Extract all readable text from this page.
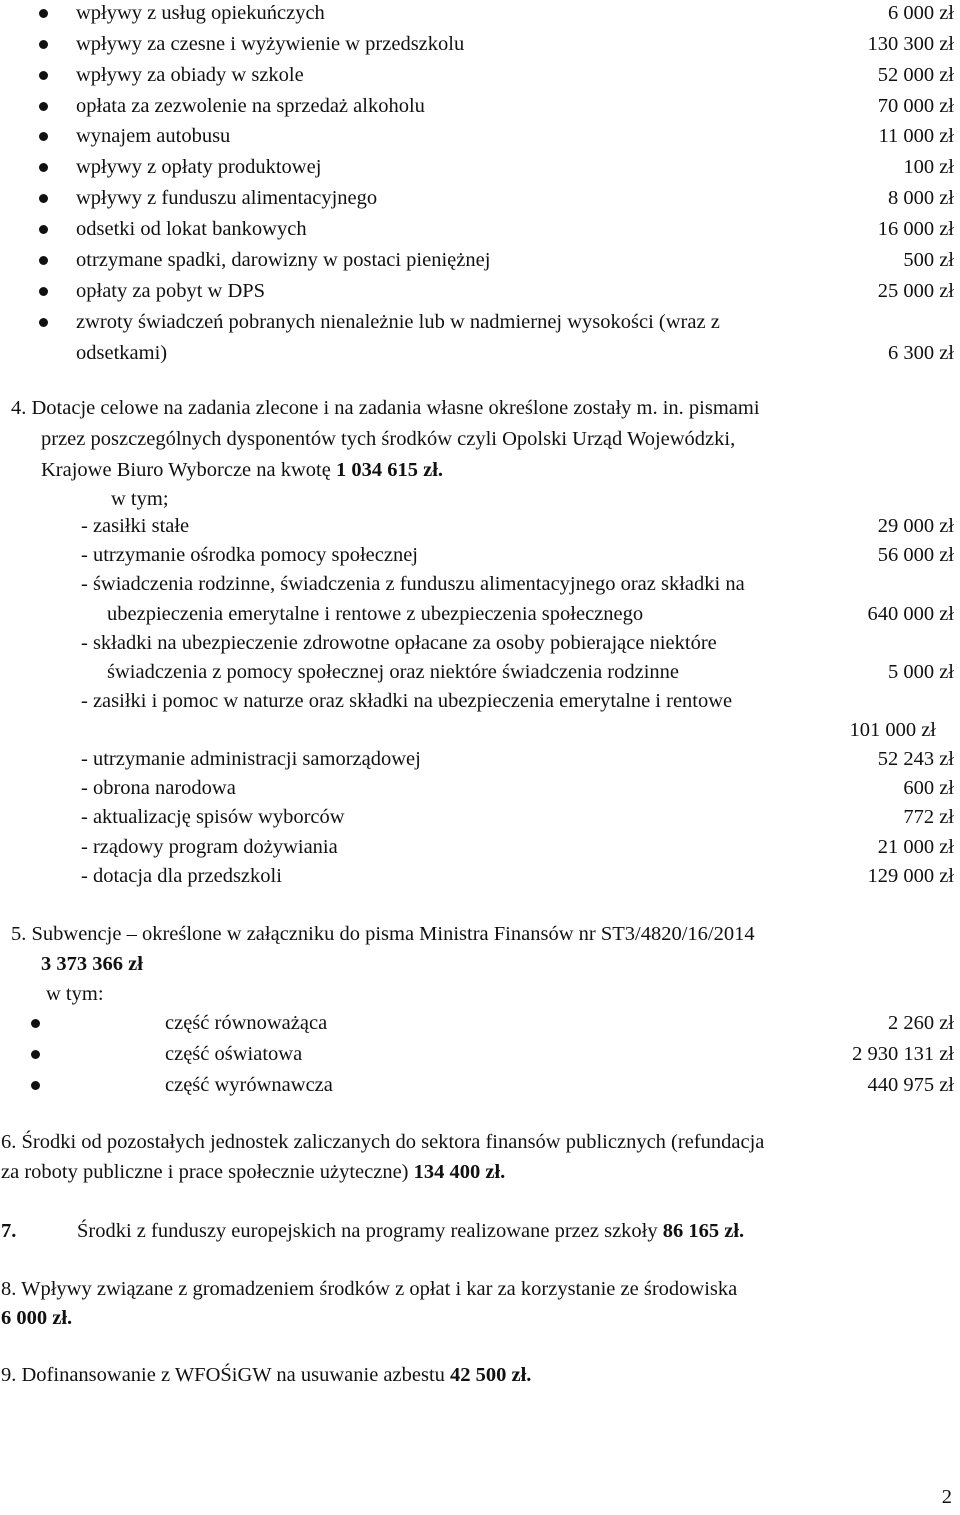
wpływy z usług opiekuńczych	6 000 zł
wpływy za czesne i wyżywienie w przedszkolu	130 300 zł
wpływy za obiady w szkole	52 000 zł
opłata za zezwolenie na sprzedaż alkoholu	70 000 zł
wynajem autobusu	11 000 zł
wpływy z opłaty produktowej	100 zł
wpływy z funduszu alimentacyjnego	8 000 zł
odsetki od lokat bankowych	16 000 zł
otrzymane spadki, darowizny w postaci pieniężnej	500 zł
opłaty za pobyt w DPS	25 000 zł
zwroty świadczeń pobranych nienależnie lub w nadmiernej wysokości (wraz z
odsetkami)	6 300 zł
4. Dotacje celowe na zadania zlecone i na zadania własne określone zostały m. in. pismami
przez poszczególnych dysponentów tych środków czyli Opolski Urząd Wojewódzki,
Krajowe Biuro Wyborcze na kwotę 1 034 615 zł.
w tym;
- zasiłki stałe	29 000 zł
- utrzymanie ośrodka pomocy społecznej	56 000 zł
- świadczenia rodzinne, świadczenia z funduszu alimentacyjnego oraz składki na
ubezpieczenia emerytalne i rentowe z ubezpieczenia społecznego	640 000 zł
- składki na ubezpieczenie zdrowotne opłacane za osoby pobierające niektóre
świadczenia z pomocy społecznej oraz niektóre świadczenia rodzinne	5 000 zł
- zasiłki i pomoc w naturze oraz składki na ubezpieczenia emerytalne i rentowe
101 000 zł
- utrzymanie administracji samorządowej	52 243 zł
- obrona narodowa	600 zł
- aktualizację spisów wyborców	772 zł
- rządowy program dożywiania	21 000 zł
- dotacja dla przedszkoli	129 000 zł
5. Subwencje – określone w załączniku do pisma Ministra Finansów nr ST3/4820/16/2014
3 373 366 zł
w tym:
część równoważąca	2 260 zł
część oświatowa	2 930 131 zł
część wyrównawcza	440 975 zł
6. Środki od pozostałych jednostek zaliczanych do sektora finansów publicznych (refundacja
za roboty publiczne i prace społecznie użyteczne) 134 400 zł.
7.	Środki z funduszy europejskich na programy realizowane przez szkoły 86 165 zł.
8. Wpływy związane z gromadzeniem środków z opłat i kar za korzystanie ze środowiska
6 000 zł.
9. Dofinansowanie z WFOŚiGW na usuwanie azbestu 42 500 zł.
2
